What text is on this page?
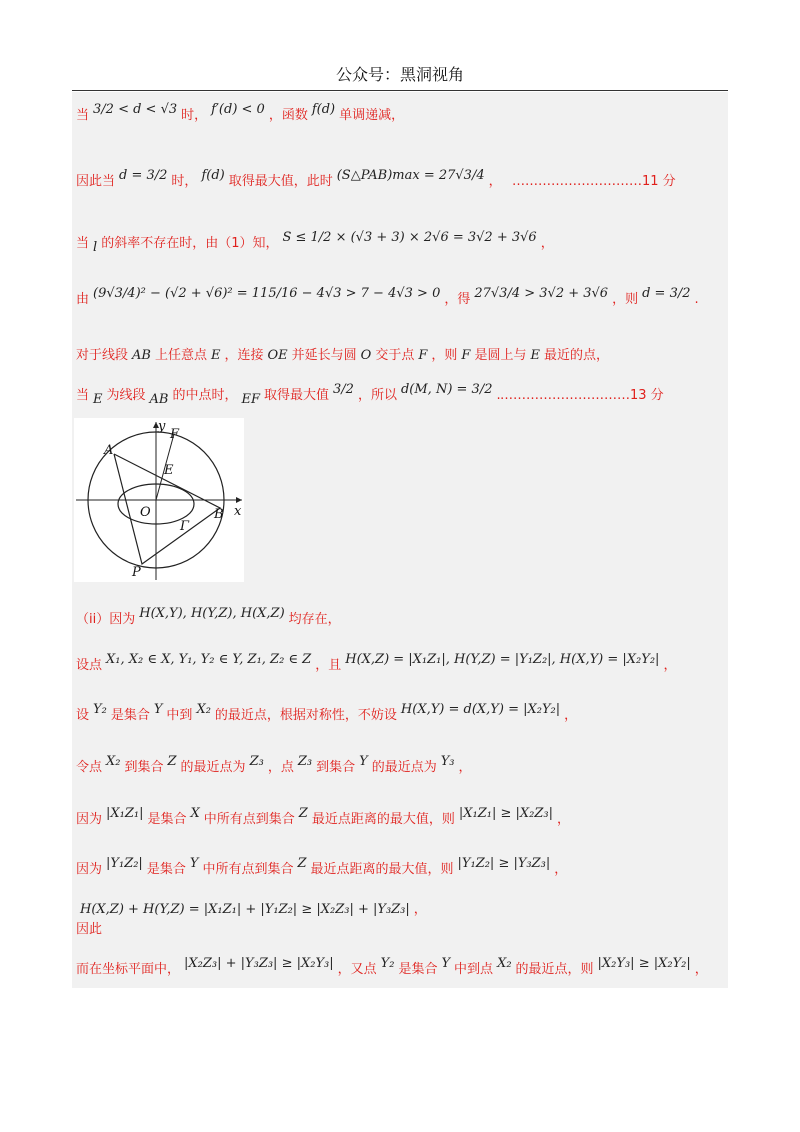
公众号：黑洞视角
当 3/2 < d < √3 时， f′(d) < 0 ，函数 f(d) 单调递减，
因此当 d = 3/2 时， f(d) 取得最大值，此时 (S△PAB)max = 27√3/4 ， …………………………11 分
当 l 的斜率不存在时，由（1）知， S ≤ 1/2 × (√3 + 3) × 2√6 = 3√2 + 3√6 ，
由 (9√3/4)² − (√2 + √6)² = 115/16 − 4√3 > 7 − 4√3 > 0 ，得 27√3/4 > 3√2 + 3√6 ，则 d = 3/2 .
对于线段 AB 上任意点 E ，连接 OE 并延长与圆 O 交于点 F ，则 F 是圆上与 E 最近的点，
当 E 为线段 AB 的中点时， EF 取得最大值 3/2 ，所以 d(M, N) = 3/2 . …………………………13 分
y
x
A
F
E
O	B
Γ
P
（ii）因为 H(X,Y), H(Y,Z), H(X,Z) 均存在，
设点 X₁, X₂ ∈ X, Y₁, Y₂ ∈ Y, Z₁, Z₂ ∈ Z ，且 H(X,Z) = |X₁Z₁|, H(Y,Z) = |Y₁Z₂|, H(X,Y) = |X₂Y₂| ，
设 Y₂ 是集合 Y 中到 X₂ 的最近点，根据对称性，不妨设 H(X,Y) = d(X,Y) = |X₂Y₂| ，
令点 X₂ 到集合 Z 的最近点为 Z₃ ，点 Z₃ 到集合 Y 的最近点为 Y₃ ，
因为 |X₁Z₁| 是集合 X 中所有点到集合 Z 最近点距离的最大值，则 |X₁Z₁| ≥ |X₂Z₃| ，
因为 |Y₁Z₂| 是集合 Y 中所有点到集合 Z 最近点距离的最大值，则 |Y₁Z₂| ≥ |Y₃Z₃| ，
H(X,Z) + H(Y,Z) = |X₁Z₁| + |Y₁Z₂| ≥ |X₂Z₃| + |Y₃Z₃| ，
因此
而在坐标平面中， |X₂Z₃| + |Y₃Z₃| ≥ |X₂Y₃| ，又点 Y₂ 是集合 Y 中到点 X₂ 的最近点，则 |X₂Y₃| ≥ |X₂Y₂| ，
